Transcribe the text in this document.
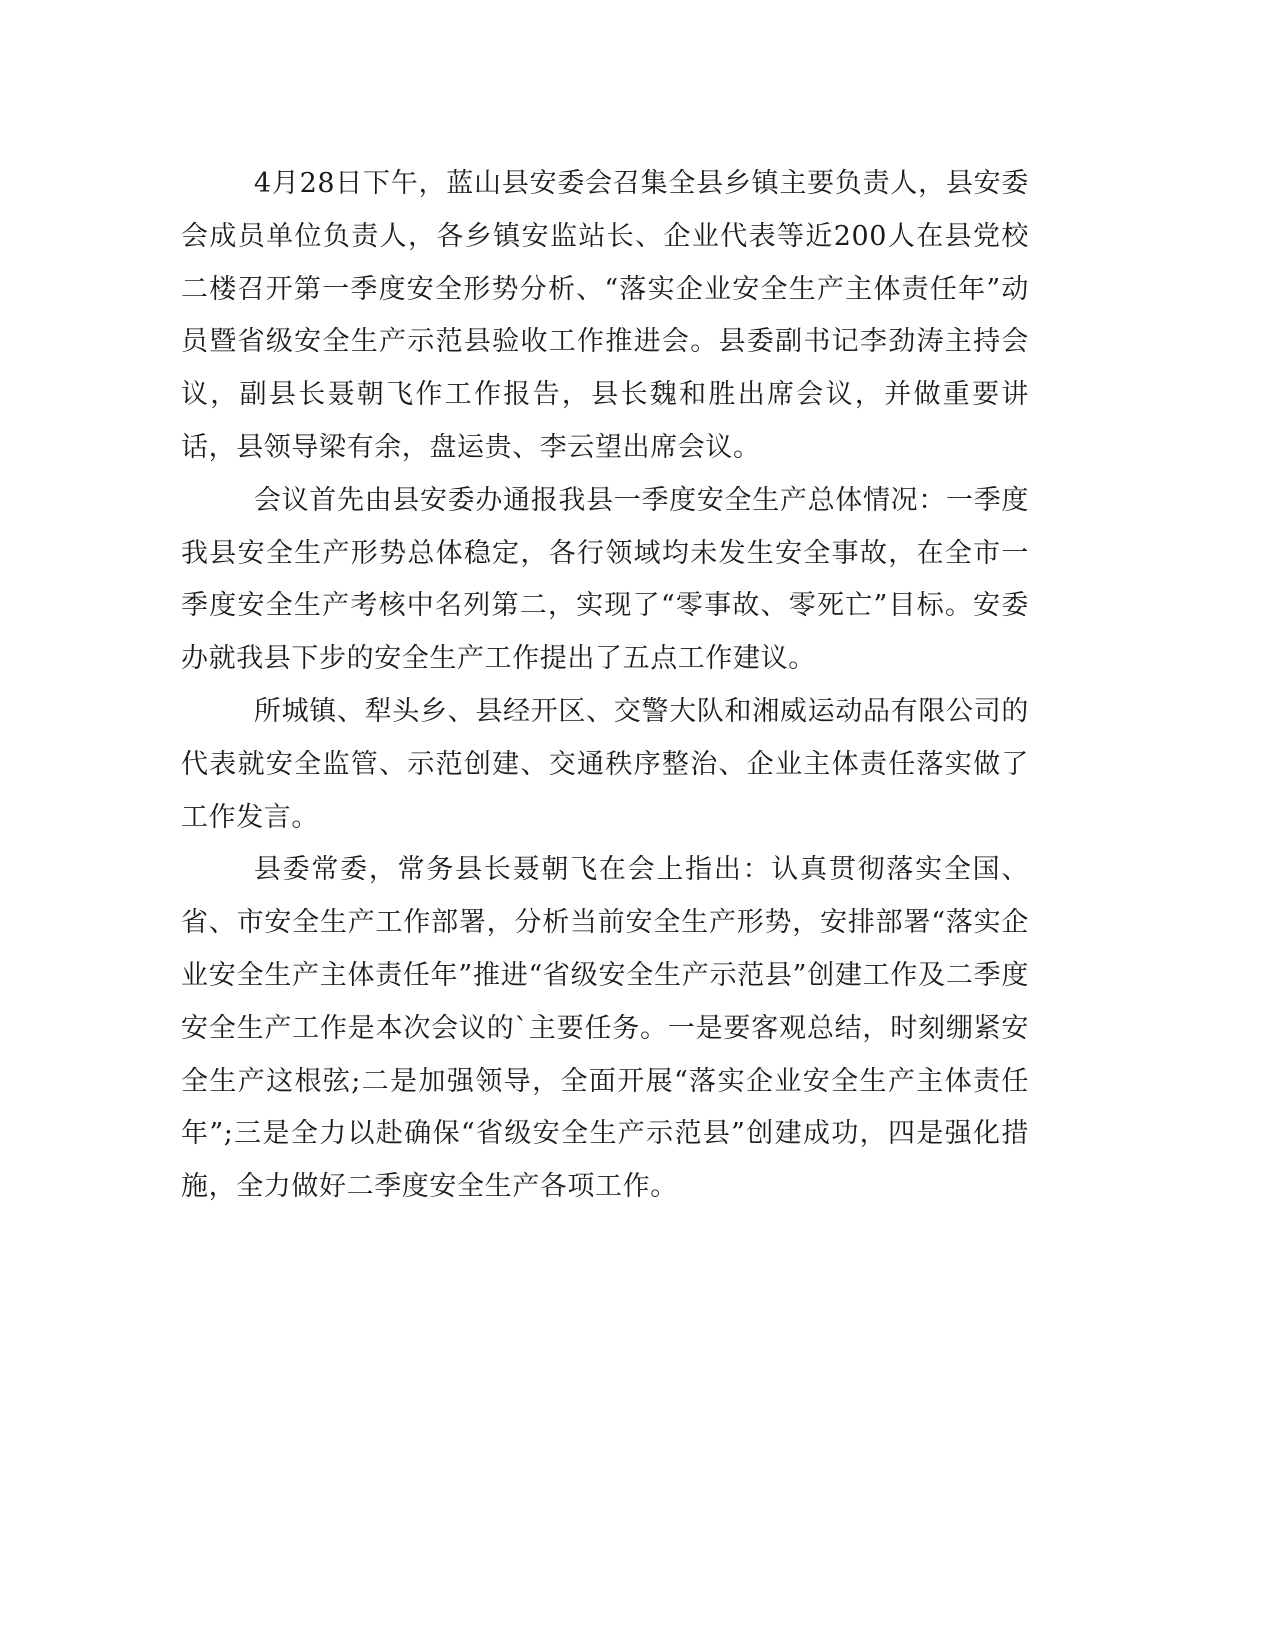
4月28日下午，蓝山县安委会召集全县乡镇主要负责人，县安委会成员单位负责人，各乡镇安监站长、企业代表等近200人在县党校二楼召开第一季度安全形势分析、“落实企业安全生产主体责任年”动员暨省级安全生产示范县验收工作推进会。县委副书记李劲涛主持会议，副县长聂朝飞作工作报告，县长魏和胜出席会议，并做重要讲话，县领导梁有余，盘运贵、李云望出席会议。

会议首先由县安委办通报我县一季度安全生产总体情况：一季度我县安全生产形势总体稳定，各行领域均未发生安全事故，在全市一季度安全生产考核中名列第二，实现了“零事故、零死亡”目标。安委办就我县下步的安全生产工作提出了五点工作建议。

所城镇、犁头乡、县经开区、交警大队和湘威运动品有限公司的代表就安全监管、示范创建、交通秩序整治、企业主体责任落实做了工作发言。

县委常委，常务县长聂朝飞在会上指出：认真贯彻落实全国、省、市安全生产工作部署，分析当前安全生产形势，安排部署“落实企业安全生产主体责任年”推进“省级安全生产示范县”创建工作及二季度安全生产工作是本次会议的`主要任务。一是要客观总结，时刻绷紧安全生产这根弦;二是加强领导，全面开展“落实企业安全生产主体责任年”;三是全力以赴确保“省级安全生产示范县”创建成功，四是强化措施，全力做好二季度安全生产各项工作。
